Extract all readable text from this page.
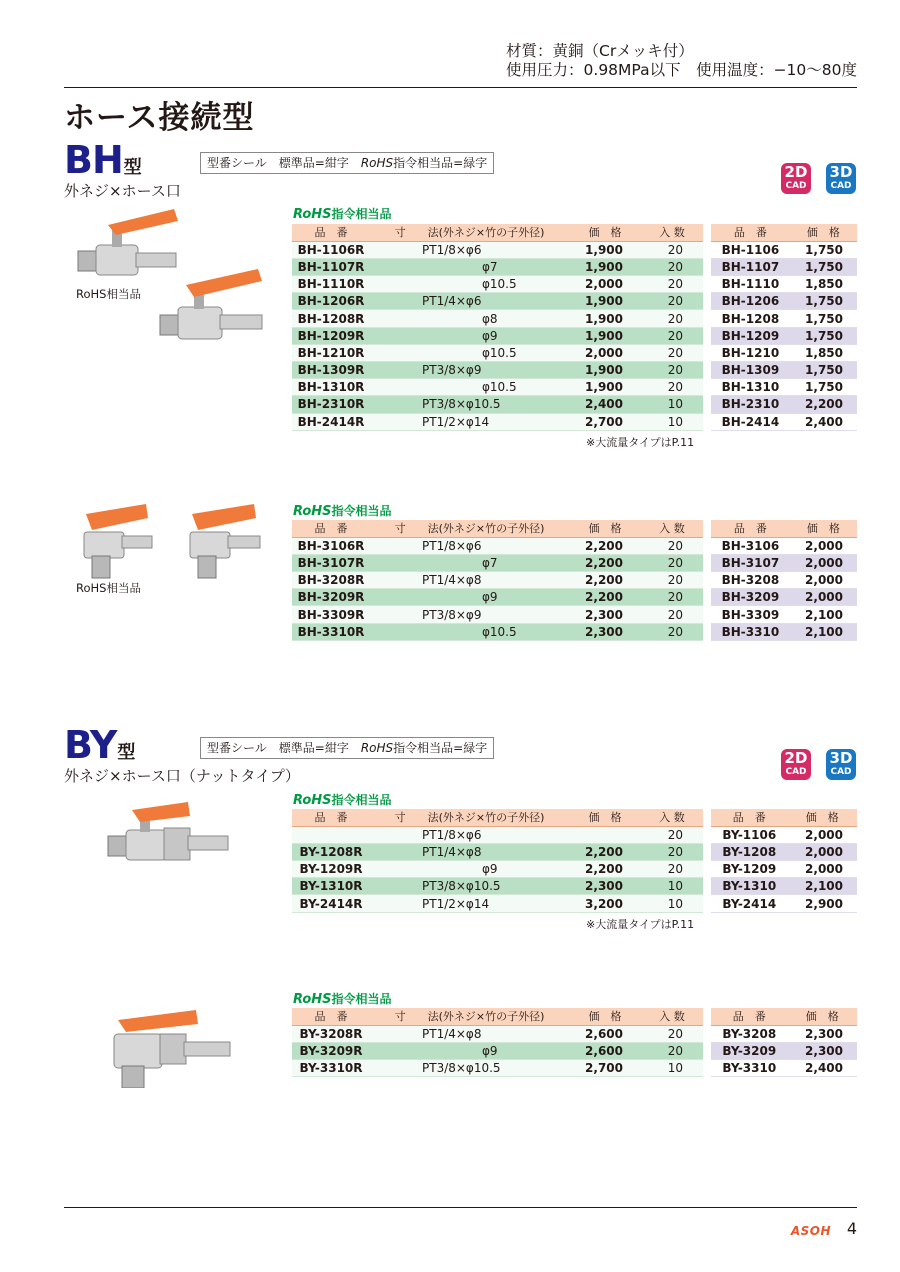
材質：黄銅（Crメッキ付）
使用圧力：0.98MPa以下　使用温度：−10〜80度
ホース接続型
BH型
外ネジ×ホース口
型番シール　標準品=紺字　RoHS指令相当品=緑字	2D
CAD
3D
CAD
RoHS相当品
RoHS指令相当品
品　番	寸　　法(外ネジ×竹の子外径)	価　格	入 数
BH-1106R	PT1/8×φ6	1,900	20
BH-1107R	φ7	1,900	20
BH-1110R	φ10.5	2,000	20
BH-1206R	PT1/4×φ6	1,900	20
BH-1208R	φ8	1,900	20
BH-1209R	φ9	1,900	20
BH-1210R	φ10.5	2,000	20
BH-1309R	PT3/8×φ9	1,900	20
BH-1310R	φ10.5	1,900	20
BH-2310R	PT3/8×φ10.5	2,400	10
BH-2414R	PT1/2×φ14	2,700	10
品　番	価　格
BH-1106	1,750
BH-1107	1,750
BH-1110	1,850
BH-1206	1,750
BH-1208	1,750
BH-1209	1,750
BH-1210	1,850
BH-1309	1,750
BH-1310	1,750
BH-2310	2,200
BH-2414	2,400
※大流量タイプはP.11
RoHS相当品
RoHS指令相当品
品　番	寸　　法(外ネジ×竹の子外径)	価　格	入 数
BH-3106R	PT1/8×φ6	2,200	20
BH-3107R	φ7	2,200	20
BH-3208R	PT1/4×φ8	2,200	20
BH-3209R	φ9	2,200	20
BH-3309R	PT3/8×φ9	2,300	20
BH-3310R	φ10.5	2,300	20
品　番	価　格
BH-3106	2,000
BH-3107	2,000
BH-3208	2,000
BH-3209	2,000
BH-3309	2,100
BH-3310	2,100
BY型
外ネジ×ホース口（ナットタイプ）
型番シール　標準品=紺字　RoHS指令相当品=緑字
2D
CAD
3D
CAD
RoHS指令相当品
品　番	寸　　法(外ネジ×竹の子外径)	価　格	入 数
	PT1/8×φ6		20
BY-1208R	PT1/4×φ8	2,200	20
BY-1209R	φ9	2,200	20
BY-1310R	PT3/8×φ10.5	2,300	10
BY-2414R	PT1/2×φ14	3,200	10
品　番	価　格
BY-1106	2,000
BY-1208	2,000
BY-1209	2,000
BY-1310	2,100
BY-2414	2,900
※大流量タイプはP.11
RoHS指令相当品
品　番	寸　　法(外ネジ×竹の子外径)	価　格	入 数
BY-3208R	PT1/4×φ8	2,600	20
BY-3209R	φ9	2,600	20
BY-3310R	PT3/8×φ10.5	2,700	10
品　番	価　格
BY-3208	2,300
BY-3209	2,300
BY-3310	2,400
ASOH 4
